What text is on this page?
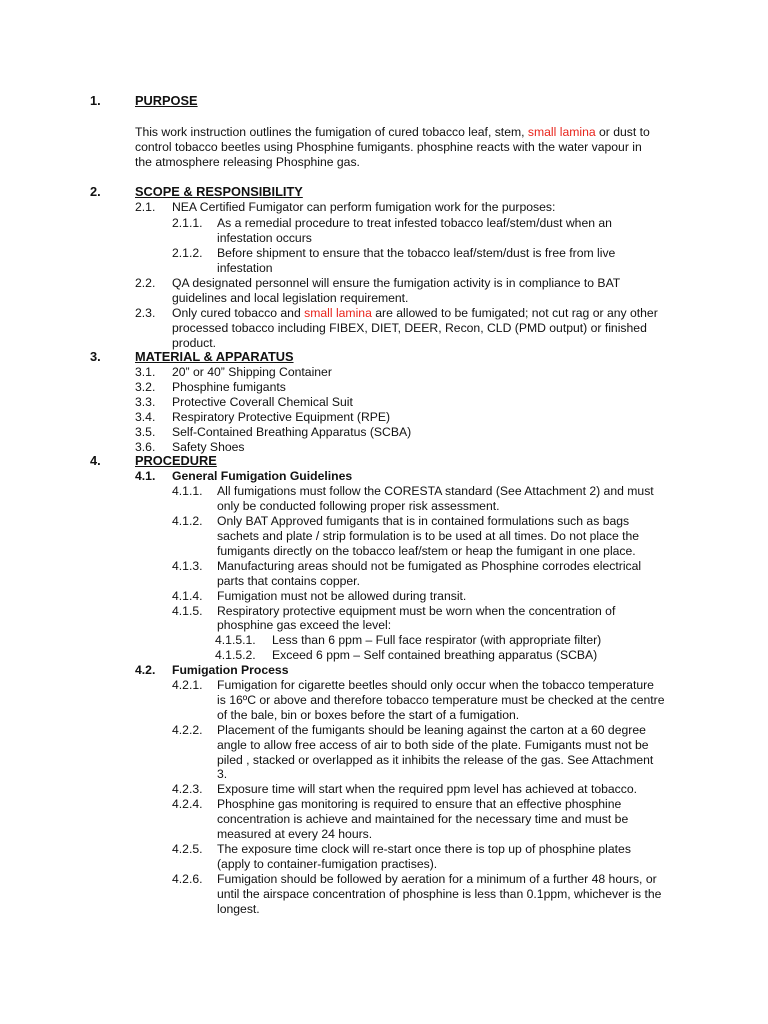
1.	PURPOSE
This work instruction outlines the fumigation of cured tobacco leaf, stem, small lamina or dust to
control tobacco beetles using Phosphine fumigants. phosphine reacts with the water vapour in
the atmosphere releasing Phosphine gas.
2.	SCOPE & RESPONSIBILITY
2.1. NEA Certified Fumigator can perform fumigation work for the purposes:
2.1.1. As a remedial procedure to treat infested tobacco leaf/stem/dust when an
infestation occurs
2.1.2. Before shipment to ensure that the tobacco leaf/stem/dust is free from live
infestation
2.2. QA designated personnel will ensure the fumigation activity is in compliance to BAT
guidelines and local legislation requirement.
2.3. Only cured tobacco and small lamina are allowed to be fumigated; not cut rag or any other
processed tobacco including FIBEX, DIET, DEER, Recon, CLD (PMD output) or finished
product.
3.	MATERIAL & APPARATUS
3.1. 20” or 40” Shipping Container
3.2. Phosphine fumigants
3.3. Protective Coverall Chemical Suit
3.4. Respiratory Protective Equipment (RPE)
3.5. Self-Contained Breathing Apparatus (SCBA)
3.6. Safety Shoes
4.	PROCEDURE
4.1. General Fumigation Guidelines
4.1.1. All fumigations must follow the CORESTA standard (See Attachment 2) and must
only be conducted following proper risk assessment.
4.1.2. Only BAT Approved fumigants that is in contained formulations such as bags
sachets and plate / strip formulation is to be used at all times. Do not place the
fumigants directly on the tobacco leaf/stem or heap the fumigant in one place.
4.1.3. Manufacturing areas should not be fumigated as Phosphine corrodes electrical
parts that contains copper.
4.1.4. Fumigation must not be allowed during transit.
4.1.5. Respiratory protective equipment must be worn when the concentration of
phosphine gas exceed the level:
4.1.5.1. Less than 6 ppm – Full face respirator (with appropriate filter)
4.1.5.2. Exceed 6 ppm – Self contained breathing apparatus (SCBA)
4.2. Fumigation Process
4.2.1. Fumigation for cigarette beetles should only occur when the tobacco temperature
is 16ºC or above and therefore tobacco temperature must be checked at the centre
of the bale, bin or boxes before the start of a fumigation.
4.2.2. Placement of the fumigants should be leaning against the carton at a 60 degree
angle to allow free access of air to both side of the plate. Fumigants must not be
piled , stacked or overlapped as it inhibits the release of the gas. See Attachment
3.
4.2.3. Exposure time will start when the required ppm level has achieved at tobacco.
4.2.4. Phosphine gas monitoring is required to ensure that an effective phosphine
concentration is achieve and maintained for the necessary time and must be
measured at every 24 hours.
4.2.5. The exposure time clock will re-start once there is top up of phosphine plates
(apply to container-fumigation practises).
4.2.6. Fumigation should be followed by aeration for a minimum of a further 48 hours, or
until the airspace concentration of phosphine is less than 0.1ppm, whichever is the
longest.
